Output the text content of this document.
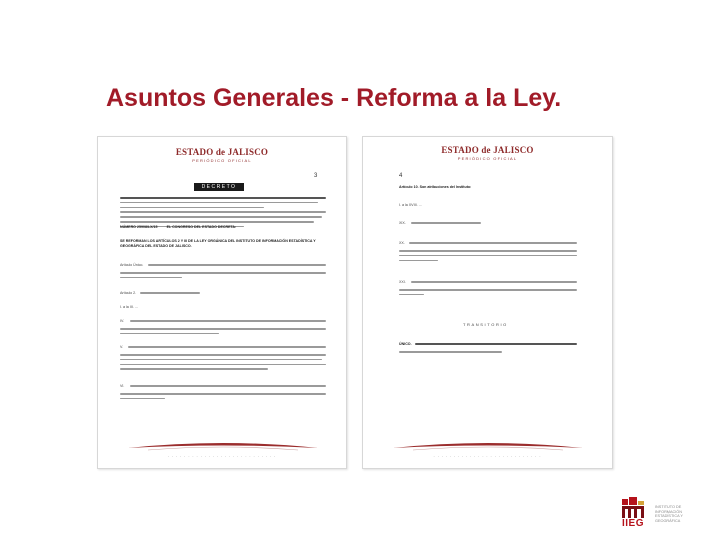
Asuntos Generales - Reforma a la Ley.
ESTADO de JALISCO
PERIÓDICO OFICIAL
3
DECRETO
NÚMERO 25908/LX/15	EL CONGRESO DEL ESTADO DECRETA:
SE REFORMAN LOS ARTÍCULOS 2 Y III DE LA LEY ORGÁNICA DEL INSTITUTO DE INFORMACIÓN ESTADÍSTICA Y GEOGRÁFICA DEL ESTADO DE JALISCO.
Artículo Único.
Artículo 2.
I. a la III. ...
IV.
V.
VI.
· · · · · · · · · · · · · · · · · · · · · · · · · · ·
ESTADO de JALISCO
PERIÓDICO OFICIAL
4
Artículo 10. Son atribuciones del Instituto:
I. a la XVIII. ...
XIX.
XX.
XXI.
TRANSITORIO
ÚNICO.
· · · · · · · · · · · · · · · · · · · · · · · · · · ·
IIEG
INSTITUTO DE INFORMACIÓN ESTADÍSTICA Y GEOGRÁFICA
